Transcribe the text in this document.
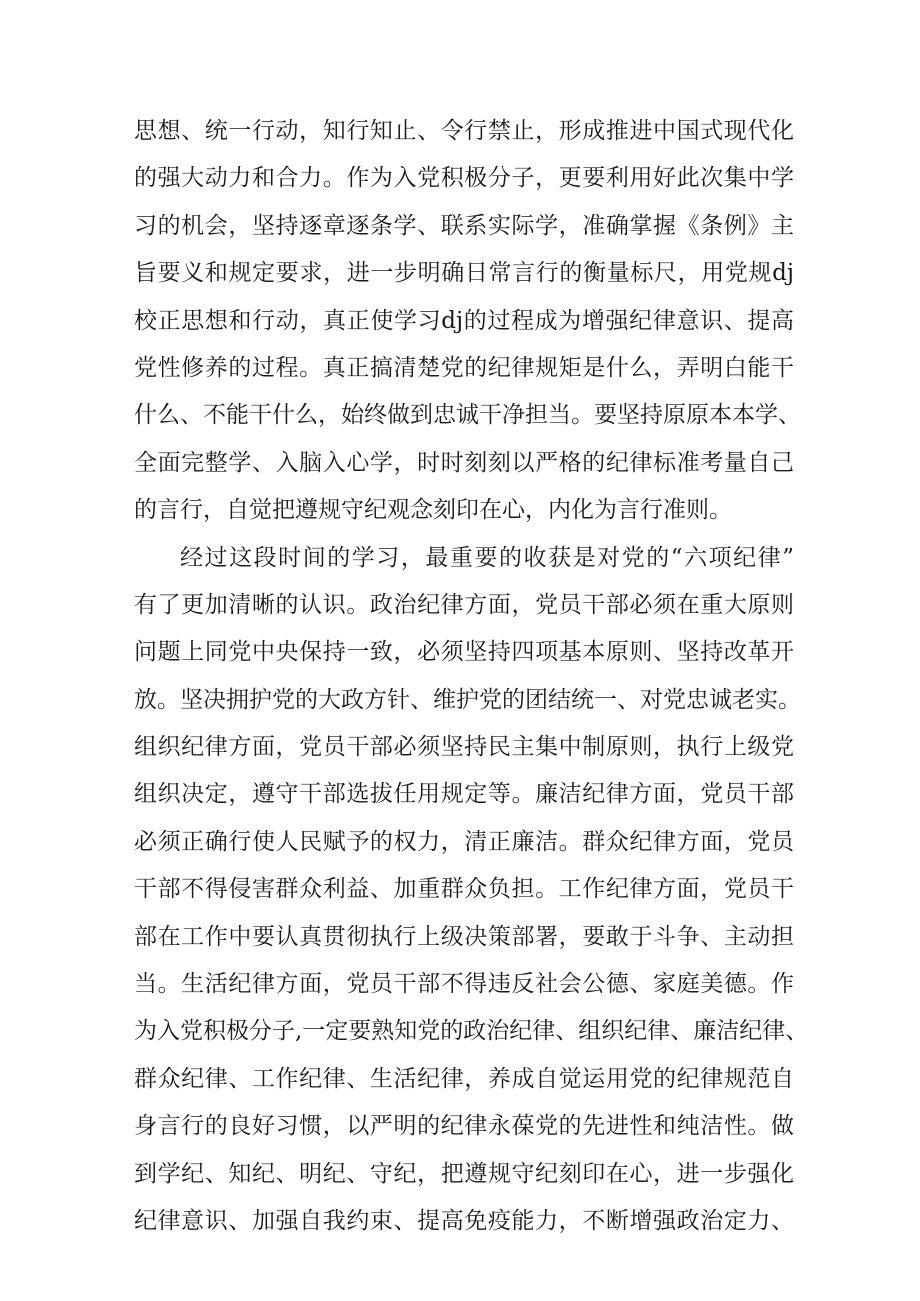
思想、统一行动，知行知止、令行禁止，形成推进中国式现代化
的强大动力和合力。作为入党积极分子，更要利用好此次集中学
习的机会，坚持逐章逐条学、联系实际学，准确掌握《条例》主
旨要义和规定要求，进一步明确日常言行的衡量标尺，用党规dj
校正思想和行动，真正使学习dj的过程成为增强纪律意识、提高
党性修养的过程。真正搞清楚党的纪律规矩是什么，弄明白能干
什么、不能干什么，始终做到忠诚干净担当。要坚持原原本本学、
全面完整学、入脑入心学，时时刻刻以严格的纪律标准考量自己
的言行，自觉把遵规守纪观念刻印在心，内化为言行准则。
经过这段时间的学习，最重要的收获是对党的“六项纪律”
有了更加清晰的认识。政治纪律方面，党员干部必须在重大原则
问题上同党中央保持一致，必须坚持四项基本原则、坚持改革开
放。坚决拥护党的大政方针、维护党的团结统一、对党忠诚老实。
组织纪律方面，党员干部必须坚持民主集中制原则，执行上级党
组织决定，遵守干部选拔任用规定等。廉洁纪律方面，党员干部
必须正确行使人民赋予的权力，清正廉洁。群众纪律方面，党员
干部不得侵害群众利益、加重群众负担。工作纪律方面，党员干
部在工作中要认真贯彻执行上级决策部署，要敢于斗争、主动担
当。生活纪律方面，党员干部不得违反社会公德、家庭美德。作
为入党积极分子,一定要熟知党的政治纪律、组织纪律、廉洁纪律、
群众纪律、工作纪律、生活纪律，养成自觉运用党的纪律规范自
身言行的良好习惯，以严明的纪律永葆党的先进性和纯洁性。做
到学纪、知纪、明纪、守纪，把遵规守纪刻印在心，进一步强化
纪律意识、加强自我约束、提高免疫能力，不断增强政治定力、
